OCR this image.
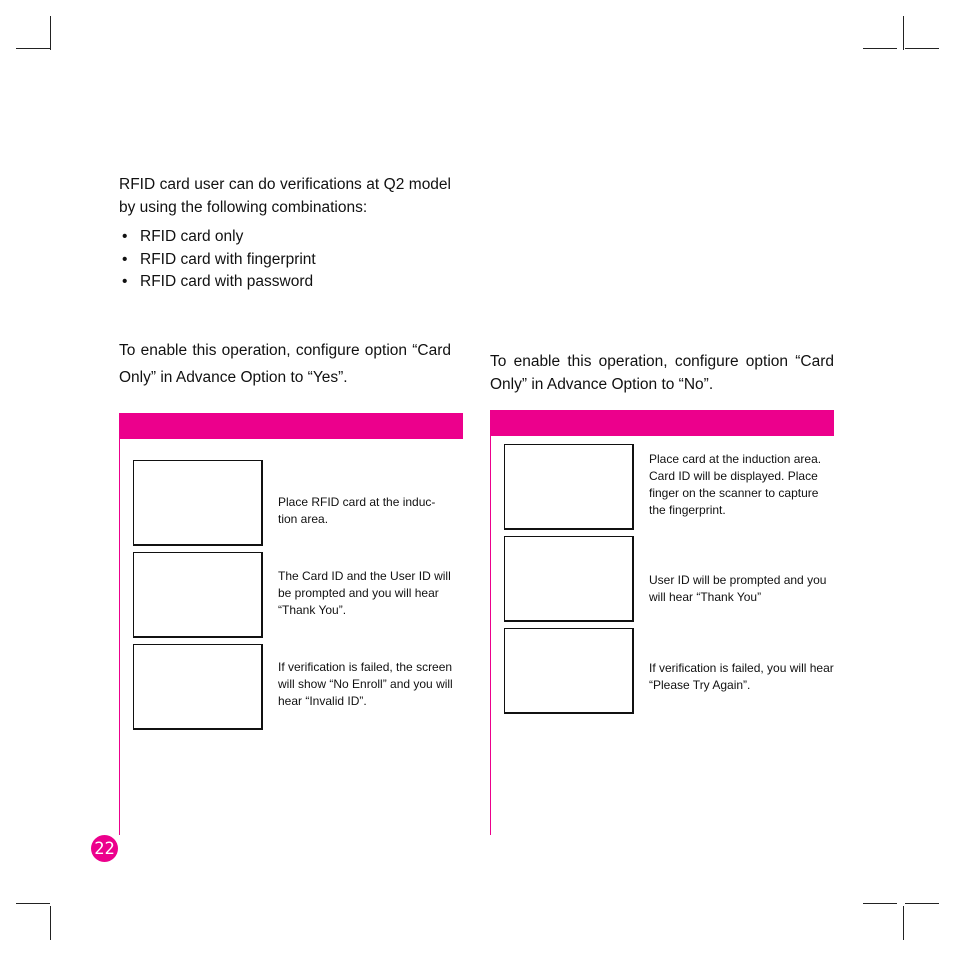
RFID card user can do verifications at Q2 model by using the following combinations:

• RFID card only
• RFID card with fingerprint
• RFID card with password

To enable this operation, configure option “Card Only” in Advance Option to “Yes”.

To enable this operation, configure option “Card Only” in Advance Option to “No”.

Place RFID card at the induc- tion area.

The Card ID and the User ID will be prompted and you will hear “Thank You”.

If verification is failed, the screen will show “No Enroll” and you will hear “Invalid ID”.

Place card at the induction area. Card ID will be displayed. Place finger on the scanner to capture the fingerprint.

User ID will be prompted and you will hear “Thank You”

If verification is failed, you will hear “Please Try Again”.

22
